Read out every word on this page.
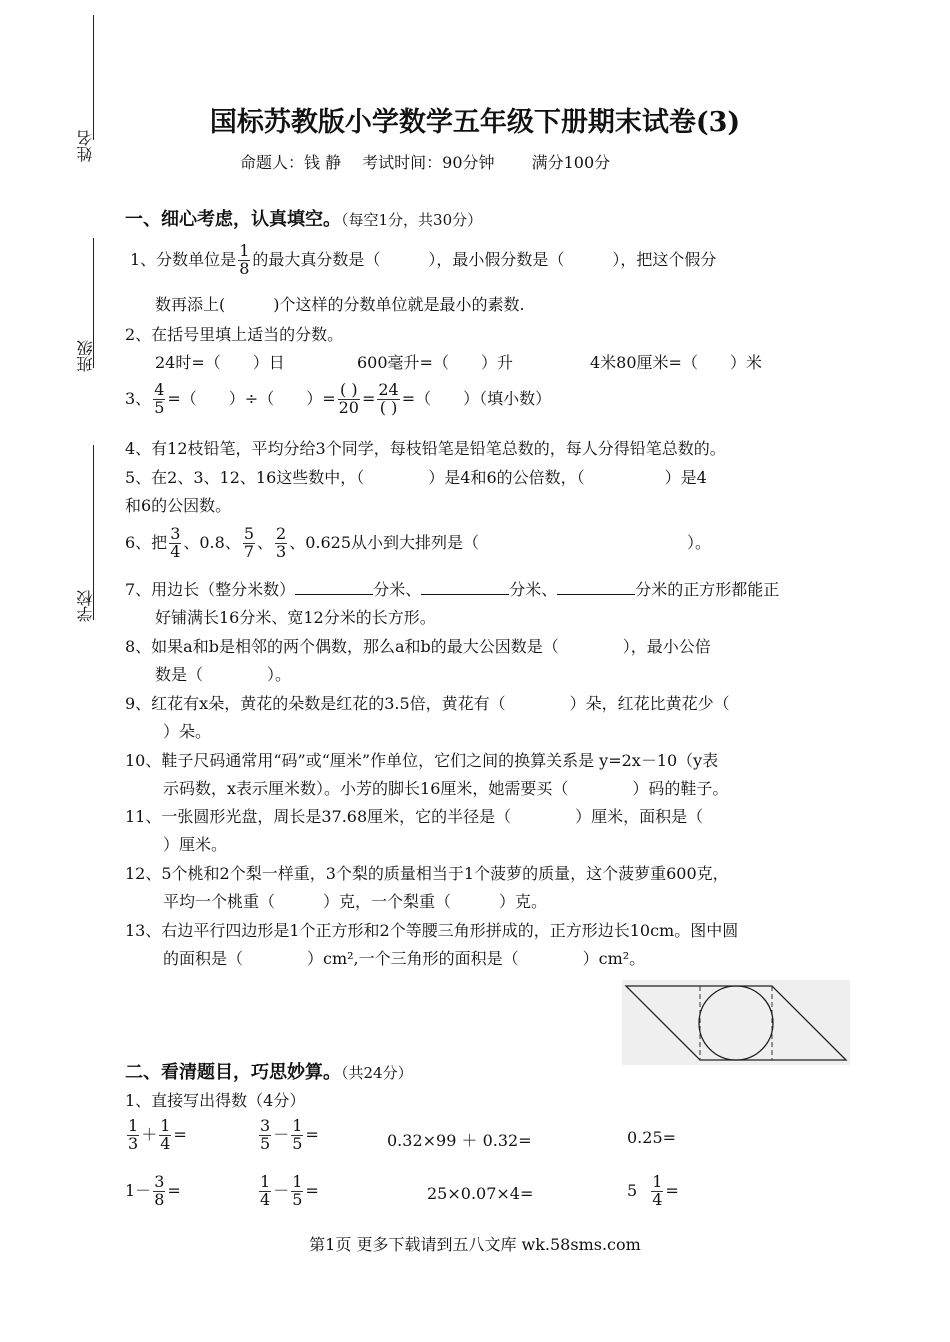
姓名
班级
学校
国标苏教版小学数学五年级下册期末试卷(3)
命题人：钱 静　 考试时间：90分钟　 　满分100分
一、细心考虑，认真填空。（每空1分，共30分）
1、分数单位是 $\frac{1}{8}$ 的最大真分数是（　　　），最小假分数是（　　　），把这个假分
数再添上(　　　)个这样的分数单位就是最小的素数.
2、在括号里填上适当的分数。
24时=（　　）日	600毫升=（　　）升	4米80厘米=（　　）米
3、 $\frac{4}{5}$ =（　　）÷（　　）= $\frac{( )}{20} = \frac{24}{( )}$ =（　　）（填小数）
4、有12枝铅笔，平均分给3个同学，每枝铅笔是铅笔总数的，每人分得铅笔总数的。
5、在2、3、12、16这些数中，（　　　　）是4和6的公倍数，（　　　　　）是4
和6的公因数。
6、把 $\frac{3}{4}$ 、0.8、 $\frac{5}{7}$ 、 $\frac{2}{3}$ 、0.625从小到大排列是（　　　　　　　　　　　　　）。
7、用边长（整分米数）	分米、	分米、	分米的正方形都能正
好铺满长16分米、宽12分米的长方形。
8、如果a和b是相邻的两个偶数，那么a和b的最大公因数是（　　　　），最小公倍
数是（　　　　）。
9、红花有x朵，黄花的朵数是红花的3.5倍，黄花有（　　　　）朵，红花比黄花少（
）朵。
10、鞋子尺码通常用“码”或“厘米”作单位，它们之间的换算关系是 y=2x－10（y表
示码数，x表示厘米数）。小芳的脚长16厘米，她需要买（　　　　）码的鞋子。
11、一张圆形光盘，周长是37.68厘米，它的半径是（　　　　）厘米，面积是（
）厘米。
12、5个桃和2个梨一样重，3个梨的质量相当于1个菠萝的质量，这个菠萝重600克，
平均一个桃重（　　　）克，一个梨重（　　　）克。
13、右边平行四边形是1个正方形和2个等腰三角形拼成的，正方形边长10cm。图中圆
的面积是（　　　　）cm²,一个三角形的面积是（　　　　）cm²。
二、看清题目，巧思妙算。（共24分）
1、直接写出得数（4分）
$\frac{1}{3} + \frac{1}{4}$ =	$\frac{3}{5} - \frac{1}{5}$ =	0.32×99 ＋ 0.32=	0.25=
$1- \frac{3}{8}$ =	$\frac{1}{4} - \frac{1}{5}$ =	25×0.07×4=	$5 \frac{1}{4}$ =
第1页 更多下载请到五八文库 wk.58sms.com
